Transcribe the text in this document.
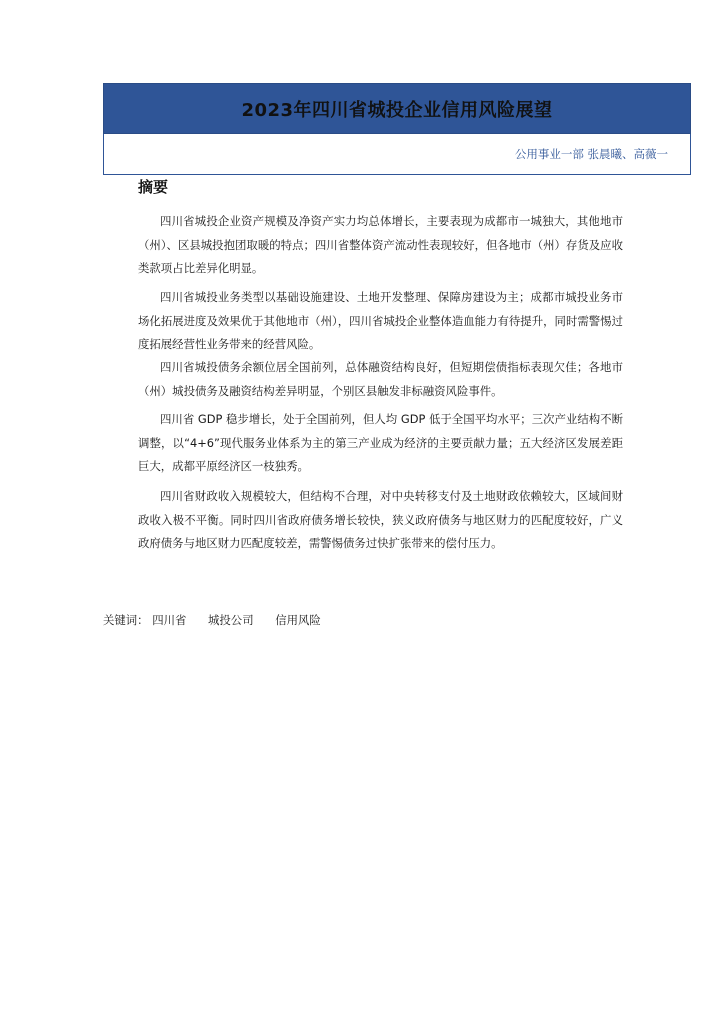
2023年四川省城投企业信用风险展望
公用事业一部 张晨曦、高薇一
摘要

四川省城投企业资产规模及净资产实力均总体增长，主要表现为成都市一城独大，其他地市（州）、区县城投抱团取暖的特点；四川省整体资产流动性表现较好，但各地市（州）存货及应收类款项占比差异化明显。

四川省城投业务类型以基础设施建设、土地开发整理、保障房建设为主；成都市城投业务市场化拓展进度及效果优于其他地市（州），四川省城投企业整体造血能力有待提升，同时需警惕过度拓展经营性业务带来的经营风险。

四川省城投债务余额位居全国前列，总体融资结构良好，但短期偿债指标表现欠佳；各地市（州）城投债务及融资结构差异明显，个别区县触发非标融资风险事件。

四川省 GDP 稳步增长，处于全国前列，但人均 GDP 低于全国平均水平；三次产业结构不断调整，以“4+6”现代服务业体系为主的第三产业成为经济的主要贡献力量；五大经济区发展差距巨大，成都平原经济区一枝独秀。

四川省财政收入规模较大，但结构不合理，对中央转移支付及土地财政依赖较大，区域间财政收入极不平衡。同时四川省政府债务增长较快，狭义政府债务与地区财力的匹配度较好，广义政府债务与地区财力匹配度较差，需警惕债务过快扩张带来的偿付压力。

关键词： 四川省 城投公司 信用风险
